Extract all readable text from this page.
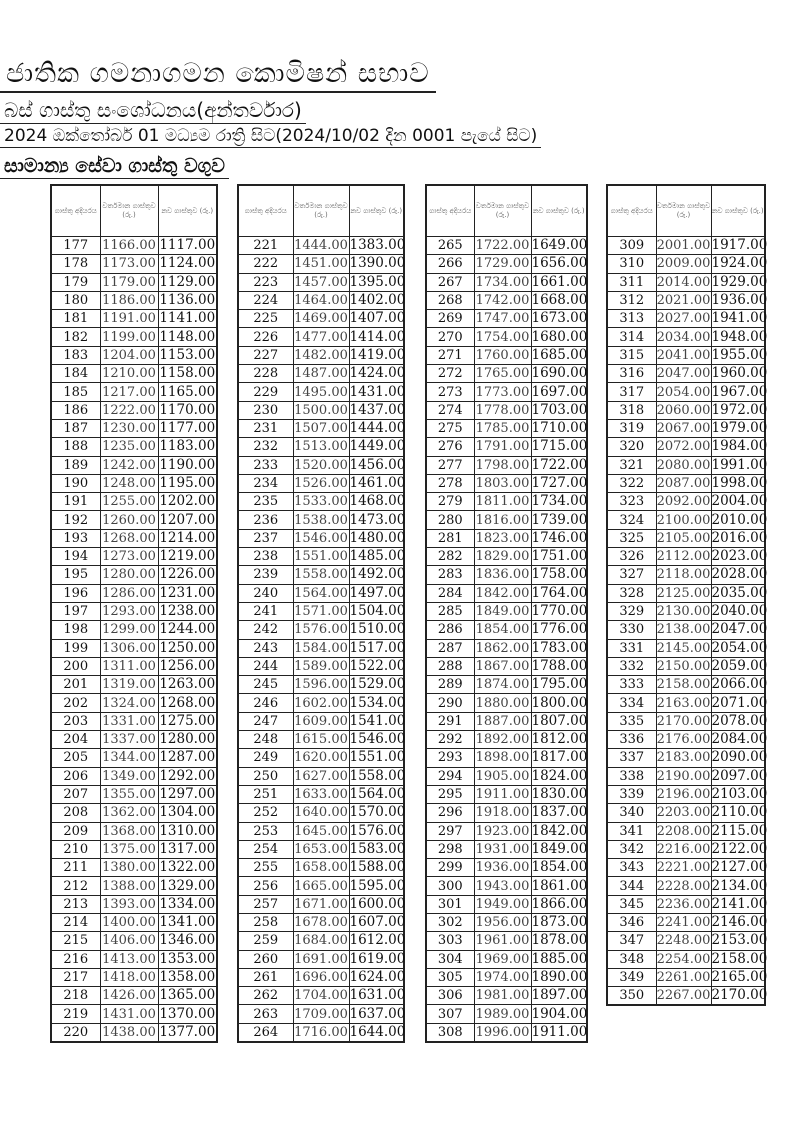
ජාතික ගමනාගමන කොමිෂන් සභාව
බස් ගාස්තු සංශෝධනය(අන්තර්වාර)
2024 ඔක්තෝබර් 01 මධ්‍යම රාත්‍රි සිට(2024/10/02 දින 0001 පැයේ සිට)
සාමාන්‍ය සේවා ගාස්තු වගුව
ගාස්තු අදියරය	වර්තමාන ගාස්තුව (රු.)	නව ගාස්තුව (රු.)
177	1166.00	1117.00
178	1173.00	1124.00
179	1179.00	1129.00
180	1186.00	1136.00
181	1191.00	1141.00
182	1199.00	1148.00
183	1204.00	1153.00
184	1210.00	1158.00
185	1217.00	1165.00
186	1222.00	1170.00
187	1230.00	1177.00
188	1235.00	1183.00
189	1242.00	1190.00
190	1248.00	1195.00
191	1255.00	1202.00
192	1260.00	1207.00
193	1268.00	1214.00
194	1273.00	1219.00
195	1280.00	1226.00
196	1286.00	1231.00
197	1293.00	1238.00
198	1299.00	1244.00
199	1306.00	1250.00
200	1311.00	1256.00
201	1319.00	1263.00
202	1324.00	1268.00
203	1331.00	1275.00
204	1337.00	1280.00
205	1344.00	1287.00
206	1349.00	1292.00
207	1355.00	1297.00
208	1362.00	1304.00
209	1368.00	1310.00
210	1375.00	1317.00
211	1380.00	1322.00
212	1388.00	1329.00
213	1393.00	1334.00
214	1400.00	1341.00
215	1406.00	1346.00
216	1413.00	1353.00
217	1418.00	1358.00
218	1426.00	1365.00
219	1431.00	1370.00
220	1438.00	1377.00
ගාස්තු අදියරය	වර්තමාන ගාස්තුව (රු.)	නව ගාස්තුව (රු.)
221	1444.00	1383.00
222	1451.00	1390.00
223	1457.00	1395.00
224	1464.00	1402.00
225	1469.00	1407.00
226	1477.00	1414.00
227	1482.00	1419.00
228	1487.00	1424.00
229	1495.00	1431.00
230	1500.00	1437.00
231	1507.00	1444.00
232	1513.00	1449.00
233	1520.00	1456.00
234	1526.00	1461.00
235	1533.00	1468.00
236	1538.00	1473.00
237	1546.00	1480.00
238	1551.00	1485.00
239	1558.00	1492.00
240	1564.00	1497.00
241	1571.00	1504.00
242	1576.00	1510.00
243	1584.00	1517.00
244	1589.00	1522.00
245	1596.00	1529.00
246	1602.00	1534.00
247	1609.00	1541.00
248	1615.00	1546.00
249	1620.00	1551.00
250	1627.00	1558.00
251	1633.00	1564.00
252	1640.00	1570.00
253	1645.00	1576.00
254	1653.00	1583.00
255	1658.00	1588.00
256	1665.00	1595.00
257	1671.00	1600.00
258	1678.00	1607.00
259	1684.00	1612.00
260	1691.00	1619.00
261	1696.00	1624.00
262	1704.00	1631.00
263	1709.00	1637.00
264	1716.00	1644.00
ගාස්තු අදියරය	වර්තමාන ගාස්තුව (රු.)	නව ගාස්තුව (රු.)
265	1722.00	1649.00
266	1729.00	1656.00
267	1734.00	1661.00
268	1742.00	1668.00
269	1747.00	1673.00
270	1754.00	1680.00
271	1760.00	1685.00
272	1765.00	1690.00
273	1773.00	1697.00
274	1778.00	1703.00
275	1785.00	1710.00
276	1791.00	1715.00
277	1798.00	1722.00
278	1803.00	1727.00
279	1811.00	1734.00
280	1816.00	1739.00
281	1823.00	1746.00
282	1829.00	1751.00
283	1836.00	1758.00
284	1842.00	1764.00
285	1849.00	1770.00
286	1854.00	1776.00
287	1862.00	1783.00
288	1867.00	1788.00
289	1874.00	1795.00
290	1880.00	1800.00
291	1887.00	1807.00
292	1892.00	1812.00
293	1898.00	1817.00
294	1905.00	1824.00
295	1911.00	1830.00
296	1918.00	1837.00
297	1923.00	1842.00
298	1931.00	1849.00
299	1936.00	1854.00
300	1943.00	1861.00
301	1949.00	1866.00
302	1956.00	1873.00
303	1961.00	1878.00
304	1969.00	1885.00
305	1974.00	1890.00
306	1981.00	1897.00
307	1989.00	1904.00
308	1996.00	1911.00
ගාස්තු අදියරය	වර්තමාන ගාස්තුව (රු.)	නව ගාස්තුව (රු.)
309	2001.00	1917.00
310	2009.00	1924.00
311	2014.00	1929.00
312	2021.00	1936.00
313	2027.00	1941.00
314	2034.00	1948.00
315	2041.00	1955.00
316	2047.00	1960.00
317	2054.00	1967.00
318	2060.00	1972.00
319	2067.00	1979.00
320	2072.00	1984.00
321	2080.00	1991.00
322	2087.00	1998.00
323	2092.00	2004.00
324	2100.00	2010.00
325	2105.00	2016.00
326	2112.00	2023.00
327	2118.00	2028.00
328	2125.00	2035.00
329	2130.00	2040.00
330	2138.00	2047.00
331	2145.00	2054.00
332	2150.00	2059.00
333	2158.00	2066.00
334	2163.00	2071.00
335	2170.00	2078.00
336	2176.00	2084.00
337	2183.00	2090.00
338	2190.00	2097.00
339	2196.00	2103.00
340	2203.00	2110.00
341	2208.00	2115.00
342	2216.00	2122.00
343	2221.00	2127.00
344	2228.00	2134.00
345	2236.00	2141.00
346	2241.00	2146.00
347	2248.00	2153.00
348	2254.00	2158.00
349	2261.00	2165.00
350	2267.00	2170.00
